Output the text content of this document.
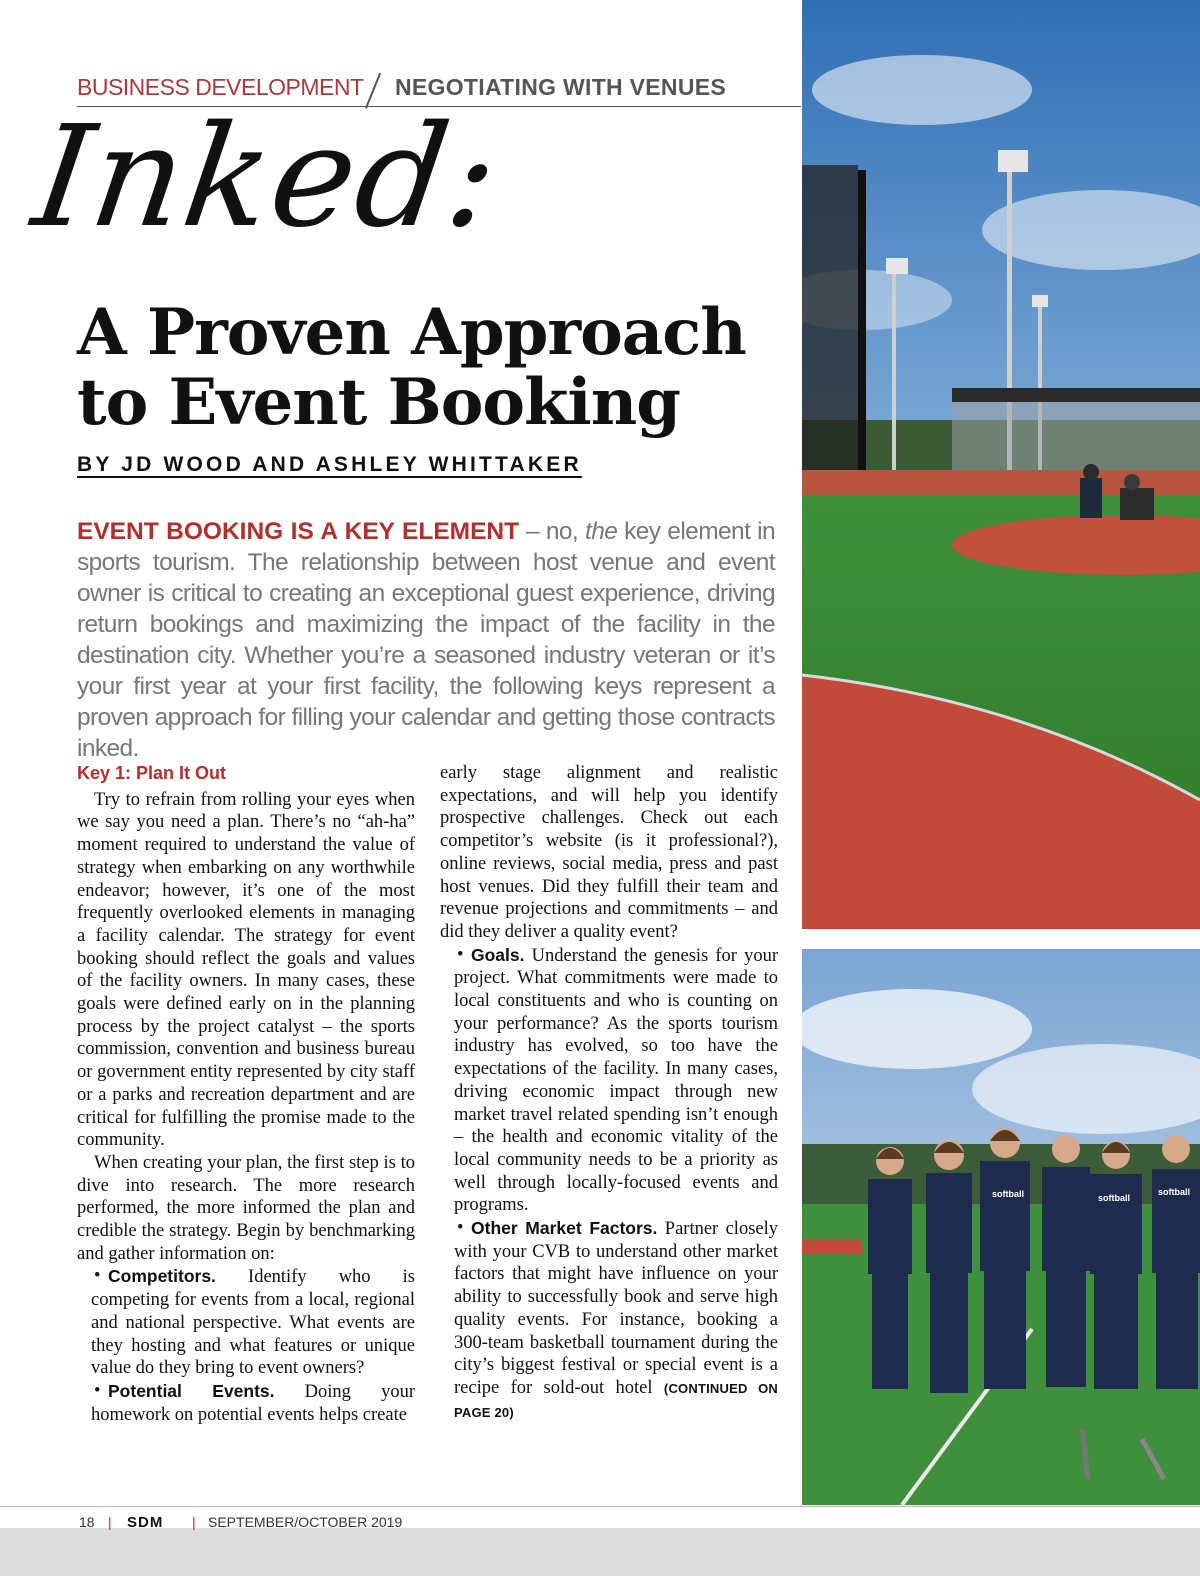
BUSINESS DEVELOPMENT NEGOTIATING WITH VENUES
Inked:
A Proven Approach
to Event Booking
BY JD WOOD AND ASHLEY WHITTAKER
EVENT BOOKING IS A KEY ELEMENT – no, the key element in sports tourism. The relationship between host venue and event owner is critical to creating an exceptional guest experience, driving return bookings and maximizing the impact of the facility in the destination city. Whether you’re a seasoned industry veteran or it’s your first year at your first facility, the following keys represent a proven approach for filling your calendar and getting those contracts inked.
Key 1: Plan It Out

Try to refrain from rolling your eyes when we say you need a plan. There’s no “ah-ha” moment required to understand the value of strategy when embarking on any worthwhile endeavor; however, it’s one of the most frequently overlooked elements in managing a facility calendar. The strategy for event booking should reflect the goals and values of the facility owners. In many cases, these goals were defined early on in the planning process by the project catalyst – the sports commission, convention and business bureau or government entity represented by city staff or a parks and recreation department and are critical for fulfilling the promise made to the community.

When creating your plan, the first step is to dive into research. The more research performed, the more informed the plan and credible the strategy. Begin by benchmarking and gather information on:

• Competitors. Identify who is competing for events from a local, regional and national perspective. What events are they hosting and what features or unique value do they bring to event owners?

• Potential Events. Doing your homework on potential events helps create

early stage alignment and realistic expectations, and will help you identify prospective challenges. Check out each competitor’s website (is it professional?), online reviews, social media, press and past host venues. Did they fulfill their team and revenue projections and commitments – and did they deliver a quality event?

• Goals. Understand the genesis for your project. What commitments were made to local constituents and who is counting on your performance? As the sports tourism industry has evolved, so too have the expectations of the facility. In many cases, driving economic impact through new market travel related spending isn’t enough – the health and economic vitality of the local community needs to be a priority as well through locally-focused events and programs.

• Other Market Factors. Partner closely with your CVB to understand other market factors that might have influence on your ability to successfully book and serve high quality events. For instance, booking a 300-team basketball tournament during the city’s biggest festival or special event is a recipe for sold-out hotel (CONTINUED ON PAGE 20)

softball	softball
softball
18 | SDM | SEPTEMBER/OCTOBER 2019
